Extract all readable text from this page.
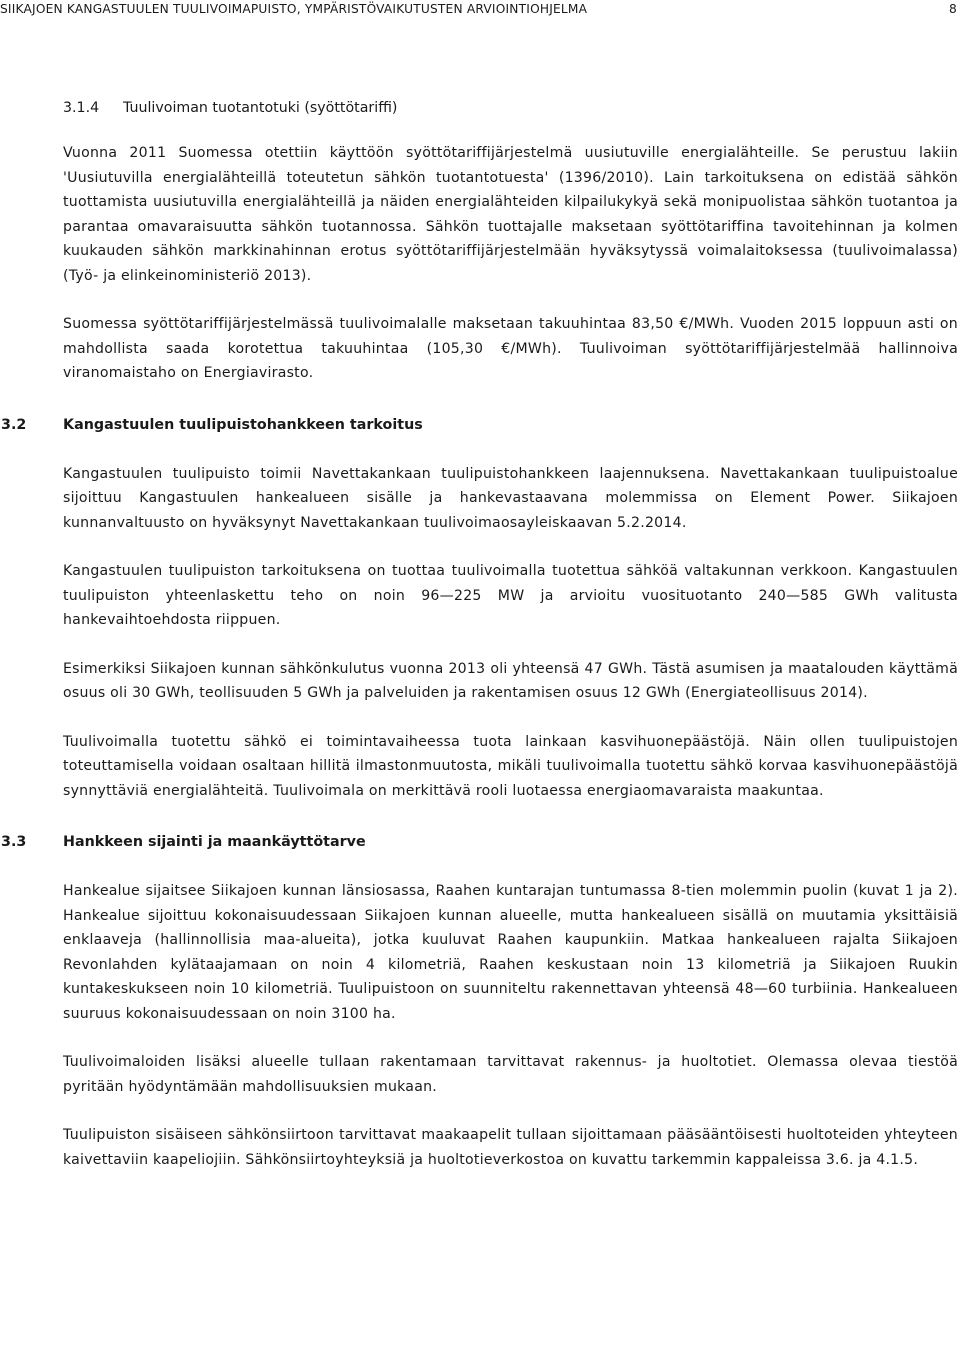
SIIKAJOEN KANGASTUULEN TUULIVOIMAPUISTO, YMPÄRISTÖVAIKUTUSTEN ARVIOINTIOHJELMA	8
3.1.4 Tuulivoiman tuotantotuki (syöttötariffi)

Vuonna 2011 Suomessa otettiin käyttöön syöttötariffijärjestelmä uusiutuville energialähteille. Se perustuu lakiin 'Uusiutuvilla energialähteillä toteutetun sähkön tuotantotuesta' (1396/2010). Lain tarkoituksena on edistää sähkön tuottamista uusiutuvilla energialähteillä ja näiden energialähteiden kilpailukykyä sekä monipuolistaa sähkön tuotantoa ja parantaa omavaraisuutta sähkön tuotannossa. Sähkön tuottajalle maksetaan syöttötariffina tavoitehinnan ja kolmen kuukauden sähkön markkinahinnan erotus syöttötariffijärjestelmään hyväksytyssä voimalaitoksessa (tuulivoimalassa) (Työ- ja elinkeinoministeriö 2013).

Suomessa syöttötariffijärjestelmässä tuulivoimalalle maksetaan takuuhintaa 83,50 €/MWh. Vuoden 2015 loppuun asti on mahdollista saada korotettua takuuhintaa (105,30 €/MWh). Tuulivoiman syöttötariffijärjestelmää hallinnoiva viranomaistaho on Energiavirasto.

3.2	Kangastuulen tuulipuistohankkeen tarkoitus

Kangastuulen tuulipuisto toimii Navettakankaan tuulipuistohankkeen laajennuksena. Navettakankaan tuulipuistoalue sijoittuu Kangastuulen hankealueen sisälle ja hankevastaavana molemmissa on Element Power. Siikajoen kunnanvaltuusto on hyväksynyt Navettakankaan tuulivoimaosayleiskaavan 5.2.2014.

Kangastuulen tuulipuiston tarkoituksena on tuottaa tuulivoimalla tuotettua sähköä valtakunnan verkkoon. Kangastuulen tuulipuiston yhteenlaskettu teho on noin 96—225 MW ja arvioitu vuosituotanto 240—585 GWh valitusta hankevaihtoehdosta riippuen.

Esimerkiksi Siikajoen kunnan sähkönkulutus vuonna 2013 oli yhteensä 47 GWh. Tästä asumisen ja maatalouden käyttämä osuus oli 30 GWh, teollisuuden 5 GWh ja palveluiden ja rakentamisen osuus 12 GWh (Energiateollisuus 2014).

Tuulivoimalla tuotettu sähkö ei toimintavaiheessa tuota lainkaan kasvihuonepäästöjä. Näin ollen tuulipuistojen toteuttamisella voidaan osaltaan hillitä ilmastonmuutosta, mikäli tuulivoimalla tuotettu sähkö korvaa kasvihuonepäästöjä synnyttäviä energialähteitä. Tuulivoimala on merkittävä rooli luotaessa energiaomavaraista maakuntaa.

3.3	Hankkeen sijainti ja maankäyttötarve

Hankealue sijaitsee Siikajoen kunnan länsiosassa, Raahen kuntarajan tuntumassa 8-tien molemmin puolin (kuvat 1 ja 2). Hankealue sijoittuu kokonaisuudessaan Siikajoen kunnan alueelle, mutta hankealueen sisällä on muutamia yksittäisiä enklaaveja (hallinnollisia maa-alueita), jotka kuuluvat Raahen kaupunkiin. Matkaa hankealueen rajalta Siikajoen Revonlahden kylätaajamaan on noin 4 kilometriä, Raahen keskustaan noin 13 kilometriä ja Siikajoen Ruukin kuntakeskukseen noin 10 kilometriä. Tuulipuistoon on suunniteltu rakennettavan yhteensä 48—60 turbiinia. Hankealueen suuruus kokonaisuudessaan on noin 3100 ha.

Tuulivoimaloiden lisäksi alueelle tullaan rakentamaan tarvittavat rakennus- ja huoltotiet. Olemassa olevaa tiestöä pyritään hyödyntämään mahdollisuuksien mukaan.

Tuulipuiston sisäiseen sähkönsiirtoon tarvittavat maakaapelit tullaan sijoittamaan pääsääntöisesti huoltoteiden yhteyteen kaivettaviin kaapeliojiin. Sähkönsiirtoyhteyksiä ja huoltotieverkostoa on kuvattu tarkemmin kappaleissa 3.6. ja 4.1.5.
